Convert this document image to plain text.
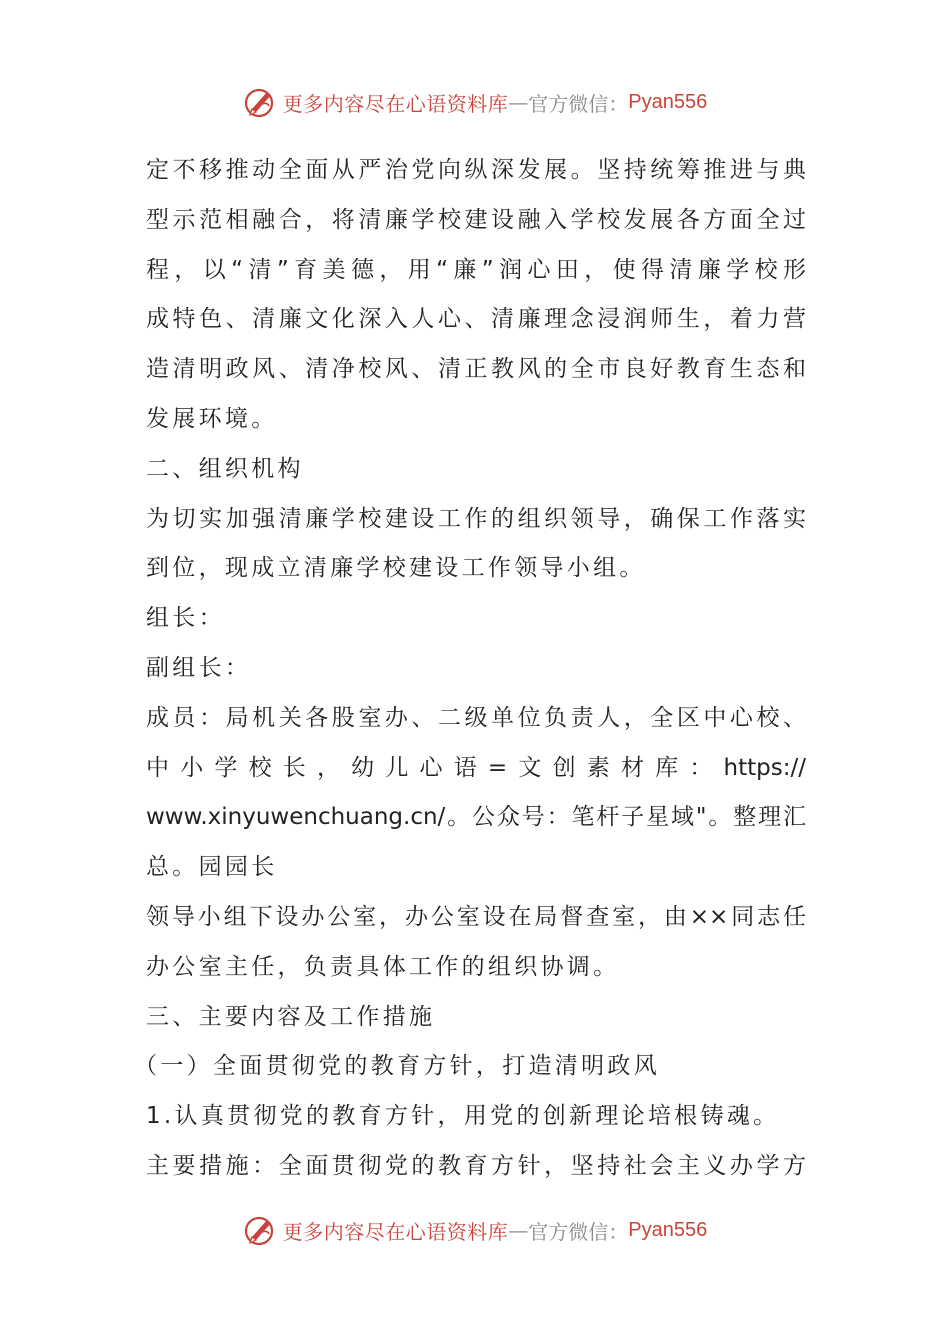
更多内容尽在心语资料库 — 官方微信： Pyan556
定不移推动全面从严治党向纵深发展。坚持统筹推进与典
型示范相融合，将清廉学校建设融入学校发展各方面全过
程，以“清”育美德，用“廉”润心田，使得清廉学校形
成特色、清廉文化深入人心、清廉理念浸润师生，着力营
造清明政风、清净校风、清正教风的全市良好教育生态和
发展环境。
二、组织机构
为切实加强清廉学校建设工作的组织领导，确保工作落实
到位，现成立清廉学校建设工作领导小组。
组长：
副组长：
成员：局机关各股室办、二级单位负责人，全区中心校、
中小学校长，幼儿心语=文创素材库：https://
www.xinyuwenchuang.cn/。公众号：笔杆子星域"。整理汇
总。园园长
领导小组下设办公室，办公室设在局督查室，由××同志任
办公室主任，负责具体工作的组织协调。
三、主要内容及工作措施
（一）全面贯彻党的教育方针，打造清明政风
1.认真贯彻党的教育方针，用党的创新理论培根铸魂。
主要措施：全面贯彻党的教育方针，坚持社会主义办学方
更多内容尽在心语资料库 — 官方微信： Pyan556
